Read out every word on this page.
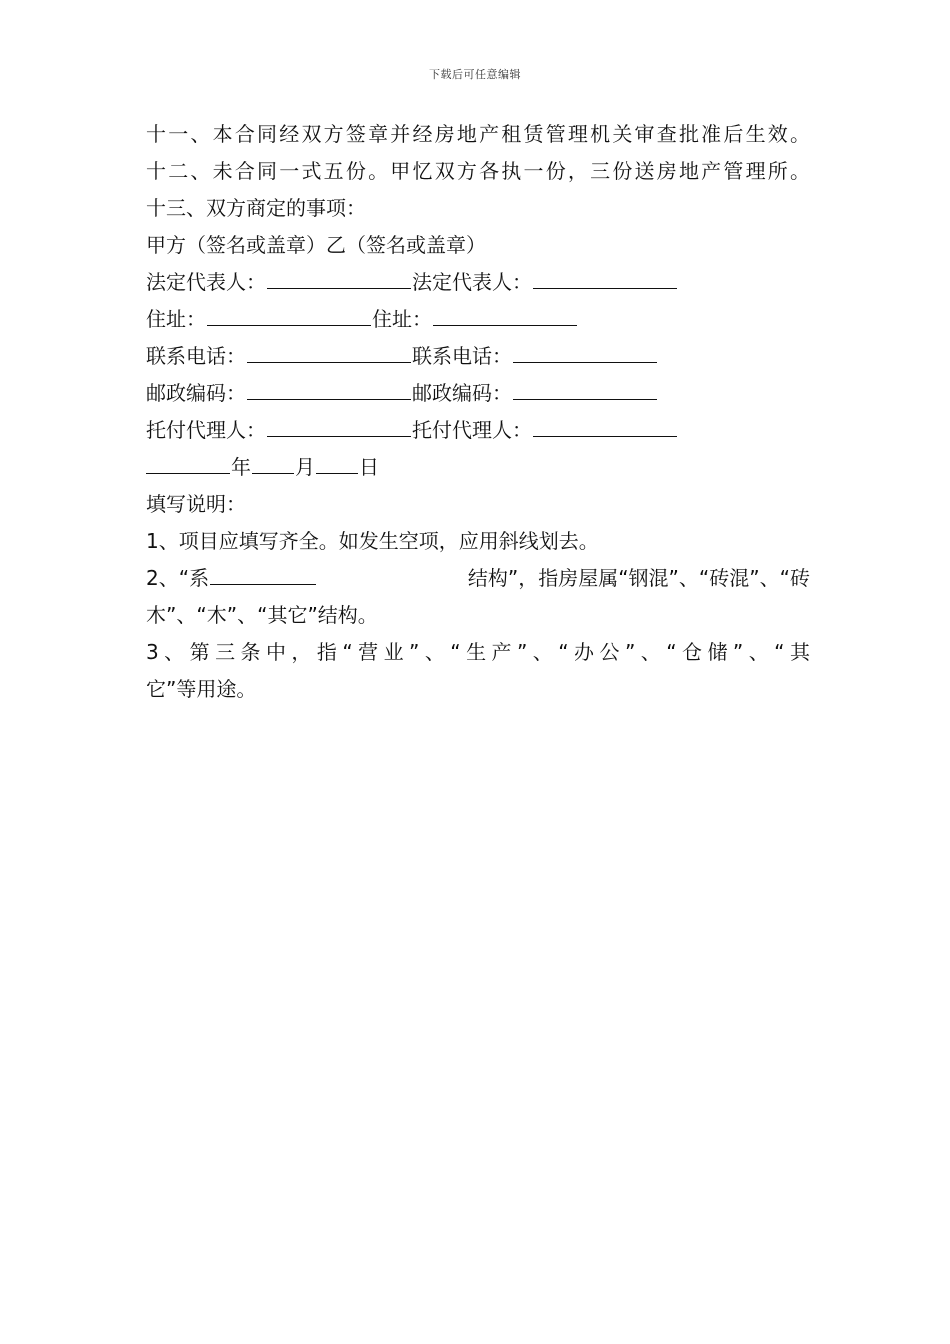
下载后可任意编辑
十一、本合同经双方签章并经房地产租赁管理机关审查批准后生效。
十二、未合同一式五份。甲忆双方各执一份，三份送房地产管理所。
十三、双方商定的事项：
甲方（签名或盖章）乙（签名或盖章）
法定代表人：	法定代表人：
住址：	住址：
联系电话：	联系电话：
邮政编码：	邮政编码：
托付代理人：	托付代理人：
年 月 日
填写说明：
1、项目应填写齐全。如发生空项，应用斜线划去。
2、“系	结构”，指房屋属“钢混”、“砖混”、“砖
木”、“木”、“其它”结构。
3、第三条中，指“营业”、“生产”、“办公”、“仓储”、“其
它”等用途。
